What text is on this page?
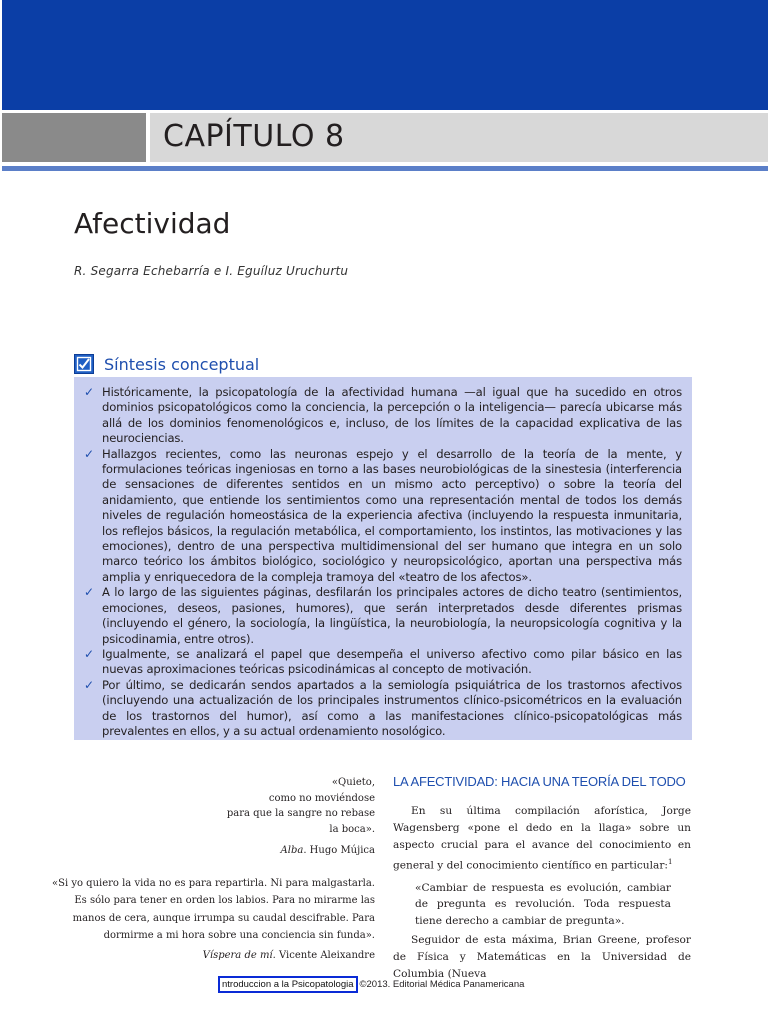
CAPÍTULO 8
Afectividad

R. Segarra Echebarría e I. Eguíluz Uruchurtu

Síntesis conceptual
✓ Históricamente, la psicopatología de la afectividad humana —al igual que ha sucedido en otros dominios psicopatológicos como la conciencia, la percepción o la inteligencia— parecía ubicarse más allá de los dominios fenomenológicos e, incluso, de los límites de la capacidad explicativa de las neurociencias.
✓ Hallazgos recientes, como las neuronas espejo y el desarrollo de la teoría de la mente, y formulaciones teóricas ingeniosas en torno a las bases neurobiológicas de la sinestesia (interferencia de sensaciones de diferentes sentidos en un mismo acto perceptivo) o sobre la teoría del anidamiento, que entiende los sentimientos como una representación mental de todos los demás niveles de regulación homeostásica de la experiencia afectiva (incluyendo la respuesta inmunitaria, los reflejos básicos, la regulación metabólica, el comportamiento, los instintos, las motivaciones y las emociones), dentro de una perspectiva multidimensional del ser humano que integra en un solo marco teórico los ámbitos biológico, sociológico y neuropsicológico, aportan una perspectiva más amplia y enriquecedora de la compleja tramoya del «teatro de los afectos».
✓ A lo largo de las siguientes páginas, desfilarán los principales actores de dicho teatro (sentimientos, emociones, deseos, pasiones, humores), que serán interpretados desde diferentes prismas (incluyendo el género, la sociología, la lingüística, la neurobiología, la neuropsicología cognitiva y la psicodinamia, entre otros).
✓ Igualmente, se analizará el papel que desempeña el universo afectivo como pilar básico en las nuevas aproximaciones teóricas psicodinámicas al concepto de motivación.
✓ Por último, se dedicarán sendos apartados a la semiología psiquiátrica de los trastornos afectivos (incluyendo una actualización de los principales instrumentos clínico-psicométricos en la evaluación de los trastornos del humor), así como a las manifestaciones clínico-psicopatológicas más prevalentes en ellos, y a su actual ordenamiento nosológico.

«Quieto,
como no moviéndose
para que la sangre no rebase
la boca».

Alba. Hugo Mújica

«Si yo quiero la vida no es para repartirla. Ni para malgastarla. Es sólo para tener en orden los labios. Para no mirarme las manos de cera, aunque irrumpa su caudal descifrable. Para dormirme a mi hora sobre una conciencia sin funda».

Víspera de mí. Vicente Aleixandre

LA AFECTIVIDAD: HACIA UNA TEORÍA DEL TODO

En su última compilación aforística, Jorge Wagensberg «pone el dedo en la llaga» sobre un aspecto crucial para el avance del conocimiento en general y del conocimiento científico en particular:$^1$

«Cambiar de respuesta es evolución, cambiar de pregunta es revolución. Toda respuesta tiene derecho a cambiar de pregunta».

Seguidor de esta máxima, Brian Greene, profesor de Física y Matemáticas en la Universidad de Columbia (Nueva

ntroduccion a la Psicopatologia ©2013. Editorial Médica Panamericana
